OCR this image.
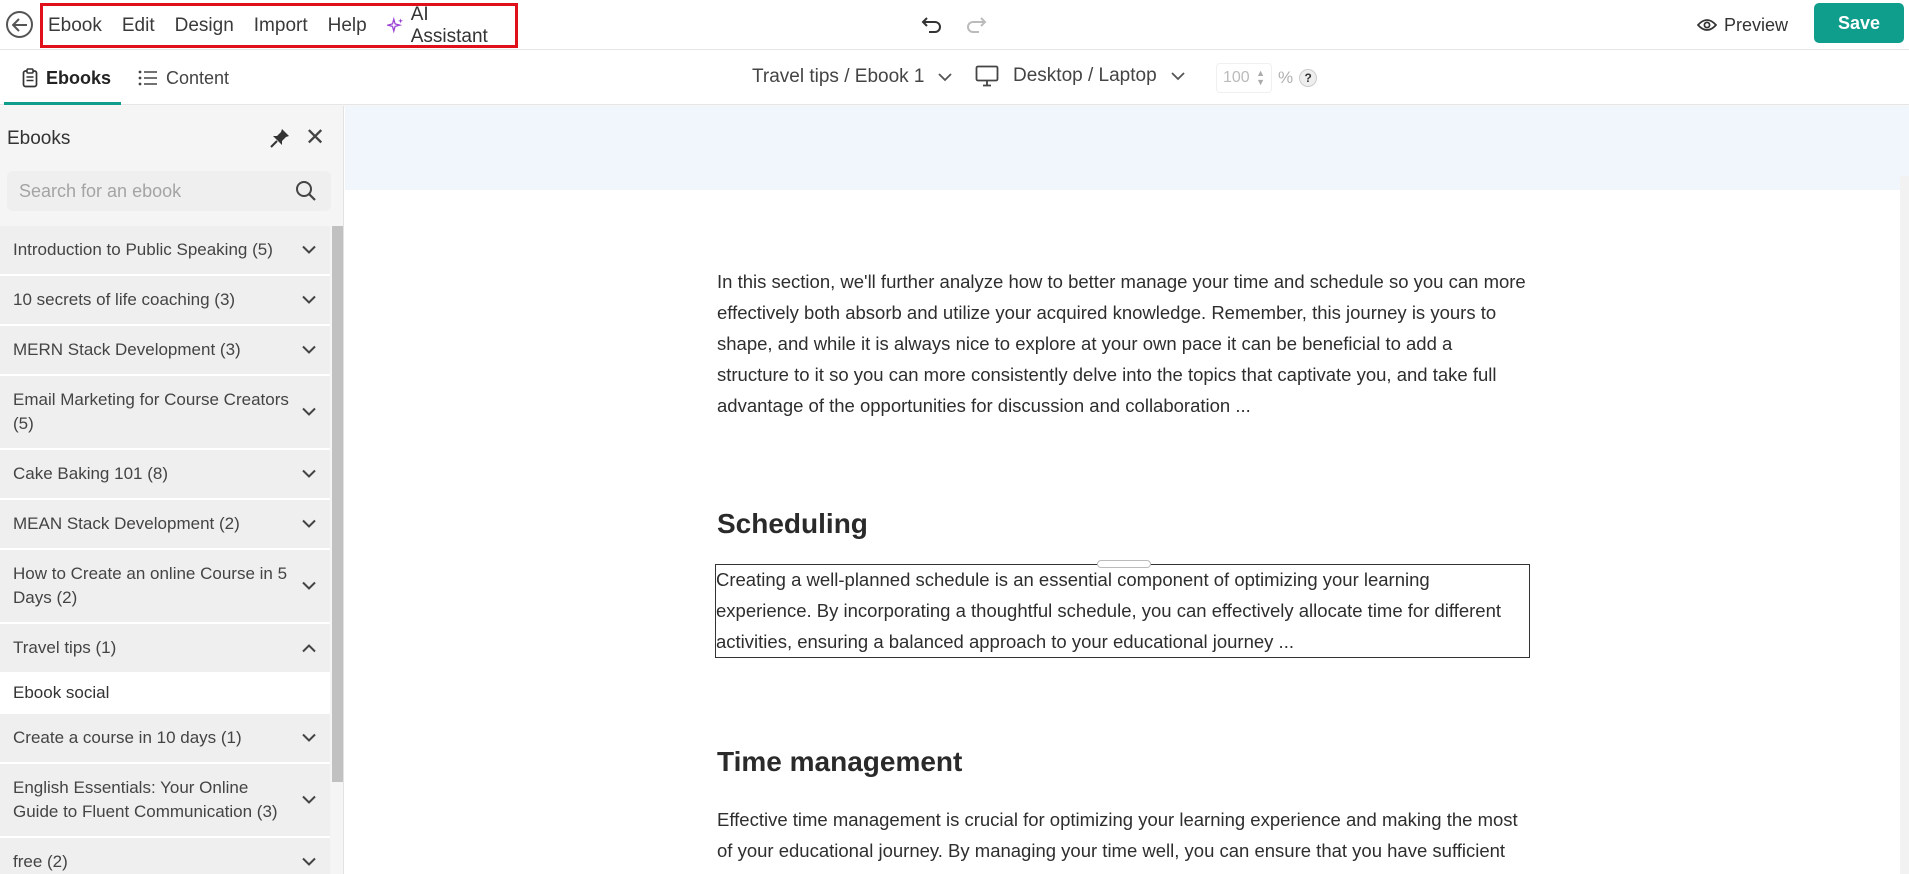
Ebook Edit Design Import Help
AI Assistant
Preview	Save
Ebooks	Content	Travel tips / Ebook 1	Desktop / Laptop	100 ▲
▼ % ?
Ebooks	✕
Search for an ebook
Introduction to Public Speaking (5)
10 secrets of life coaching (3)
MERN Stack Development (3)
Email Marketing for Course Creators (5)
Cake Baking 101 (8)
MEAN Stack Development (2)
How to Create an online Course in 5 Days (2)
Travel tips (1)
Ebook social
Create a course in 10 days (1)
English Essentials: Your Online Guide to Fluent Communication (3)
free (2)
In this section, we'll further analyze how to better manage your time and schedule so you can more effectively both absorb and utilize your acquired knowledge. Remember, this journey is yours to shape, and while it is always nice to explore at your own pace it can be beneficial to add a structure to it so you can more consistently delve into the topics that captivate you, and take full advantage of the opportunities for discussion and collaboration ...
Scheduling
Creating a well-planned schedule is an essential component of optimizing your learning experience. By incorporating a thoughtful schedule, you can effectively allocate time for different activities, ensuring a balanced approach to your educational journey ...
Time management
Effective time management is crucial for optimizing your learning experience and making the most of your educational journey. By managing your time well, you can ensure that you have sufficient
